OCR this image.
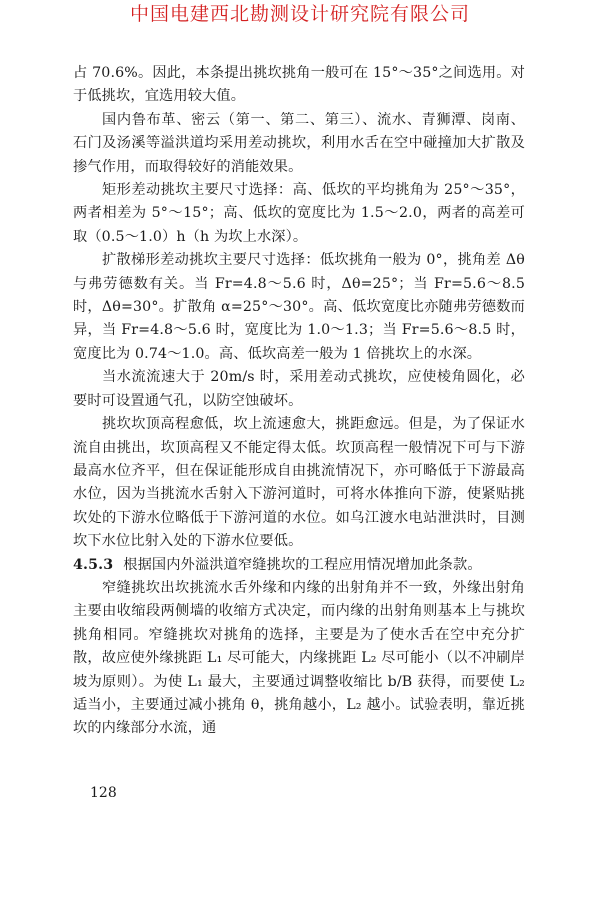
中国电建西北勘测设计研究院有限公司

占 70.6%。因此，本条提出挑坎挑角一般可在 15°～35°之间选用。对于低挑坎，宜选用较大值。

国内鲁布革、密云（第一、第二、第三）、流水、青狮潭、岗南、石门及汤溪等溢洪道均采用差动挑坎，利用水舌在空中碰撞加大扩散及掺气作用，而取得较好的消能效果。

矩形差动挑坎主要尺寸选择：高、低坎的平均挑角为 25°～35°，两者相差为 5°～15°；高、低坎的宽度比为 1.5～2.0，两者的高差可取（0.5～1.0）h（h 为坎上水深）。

扩散梯形差动挑坎主要尺寸选择：低坎挑角一般为 0°，挑角差 Δθ 与弗劳德数有关。当 Fr=4.8～5.6 时，Δθ=25°；当 Fr=5.6～8.5 时，Δθ=30°。扩散角 α=25°～30°。高、低坎宽度比亦随弗劳德数而异，当 Fr=4.8～5.6 时，宽度比为 1.0～1.3；当 Fr=5.6～8.5 时，宽度比为 0.74～1.0。高、低坎高差一般为 1 倍挑坎上的水深。

当水流流速大于 20m/s 时，采用差动式挑坎，应使棱角圆化，必要时可设置通气孔，以防空蚀破坏。

挑坎坎顶高程愈低，坎上流速愈大，挑距愈远。但是，为了保证水流自由挑出，坎顶高程又不能定得太低。坎顶高程一般情况下可与下游最高水位齐平，但在保证能形成自由挑流情况下，亦可略低于下游最高水位，因为当挑流水舌射入下游河道时，可将水体推向下游，使紧贴挑坎处的下游水位略低于下游河道的水位。如乌江渡水电站泄洪时，目测坎下水位比射入处的下游水位要低。

4.5.3 根据国内外溢洪道窄缝挑坎的工程应用情况增加此条款。

窄缝挑坎出坎挑流水舌外缘和内缘的出射角并不一致，外缘出射角主要由收缩段两侧墙的收缩方式决定，而内缘的出射角则基本上与挑坎挑角相同。窄缝挑坎对挑角的选择，主要是为了使水舌在空中充分扩散，故应使外缘挑距 L₁ 尽可能大，内缘挑距 L₂ 尽可能小（以不冲刷岸坡为原则）。为使 L₁ 最大，主要通过调整收缩比 b/B 获得，而要使 L₂ 适当小，主要通过减小挑角 θ，挑角越小，L₂ 越小。试验表明，靠近挑坎的内缘部分水流，通

128
